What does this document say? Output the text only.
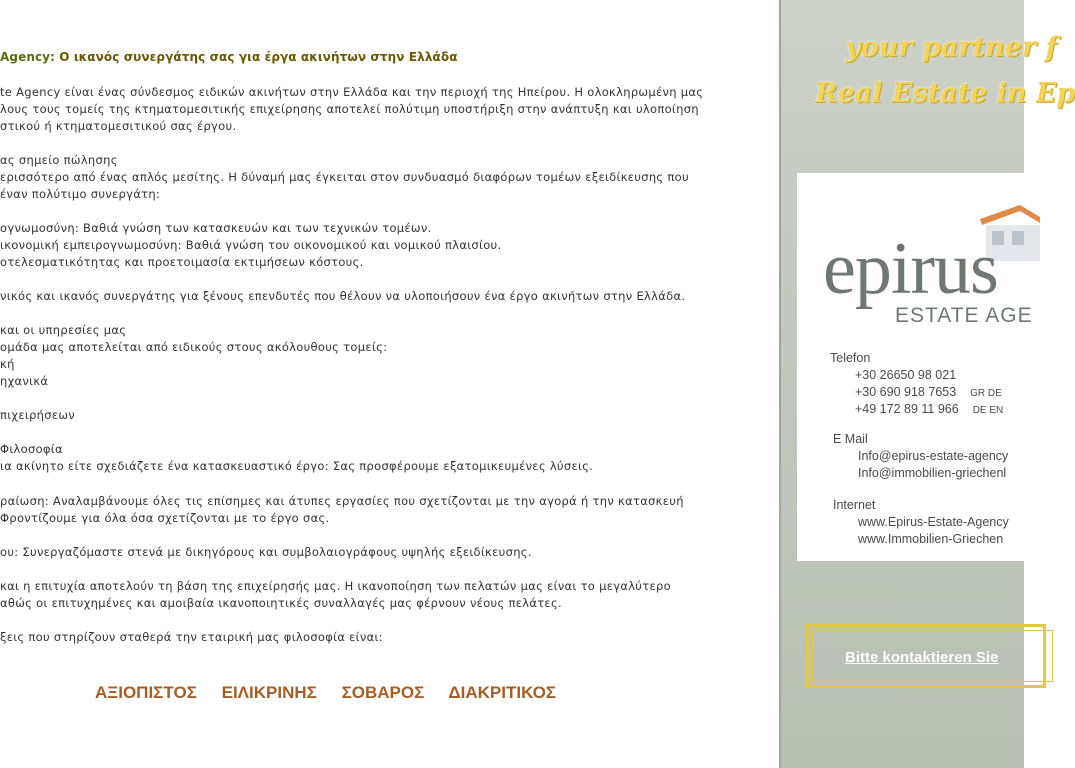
Agency: Ο ικανός συνεργάτης σας για έργα ακινήτων στην Ελλάδα
te Agency είναι ένας σύνδεσμος ειδικών ακινήτων στην Ελλάδα και την περιοχή της Ηπείρου. Η ολοκληρωμένη μας
λους τους τομείς της κτηματομεσιτικής επιχείρησης αποτελεί πολύτιμη υποστήριξη στην ανάπτυξη και υλοποίηση
στικού ή κτηματομεσιτικού σας έργου.
ας σημείο πώλησης
ερισσότερο από ένας απλός μεσίτης. Η δύναμή μας έγκειται στον συνδυασμό διαφόρων τομέων εξειδίκευσης που
έναν πολύτιμο συνεργάτη:
ογνωμοσύνη: Βαθιά γνώση των κατασκευών και των τεχνικών τομέων.
ικονομική εμπειρογνωμοσύνη: Βαθιά γνώση του οικονομικού και νομικού πλαισίου.
οτελεσματικότητας και προετοιμασία εκτιμήσεων κόστους.
νικός και ικανός συνεργάτης για ξένους επενδυτές που θέλουν να υλοποιήσουν ένα έργο ακινήτων στην Ελλάδα.
και οι υπηρεσίες μας
ομάδα μας αποτελείται από ειδικούς στους ακόλουθους τομείς:
κή
ηχανικά
πιχειρήσεων
Φιλοσοφία
ια ακίνητο είτε σχεδιάζετε ένα κατασκευαστικό έργο: Σας προσφέρουμε εξατομικευμένες λύσεις.
ραίωση: Αναλαμβάνουμε όλες τις επίσημες και άτυπες εργασίες που σχετίζονται με την αγορά ή την κατασκευή
Φροντίζουμε για όλα όσα σχετίζονται με το έργο σας.
ου: Συνεργαζόμαστε στενά με δικηγόρους και συμβολαιογράφους υψηλής εξειδίκευσης.
και η επιτυχία αποτελούν τη βάση της επιχείρησής μας. Η ικανοποίηση των πελατών μας είναι το μεγαλύτερο
αθώς οι επιτυχημένες και αμοιβαία ικανοποιητικές συναλλαγές μας φέρνουν νέους πελάτες.
ξεις που στηρίζουν σταθερά την εταιρική μας φιλοσοφία είναι:
ΑΞΙΟΠΙΣΤΟΣ ΕΙΛΙΚΡΙΝΗΣ ΣΟΒΑΡΟΣ ΔΙΑΚΡΙΤΙΚΟΣ
your partner f
Real Estate in Ep
epirus
ESTATE AGE
Telefon
+30 26650 98 021
+30 690 918 7653 GR DE
+49 172 89 11 966 DE EN
E Mail
Info@epirus-estate-agency
Info@immobilien-griechenl
Internet
www.Epirus-Estate-Agency
www.Immobilien-Griechen
Bitte kontaktieren Sie
